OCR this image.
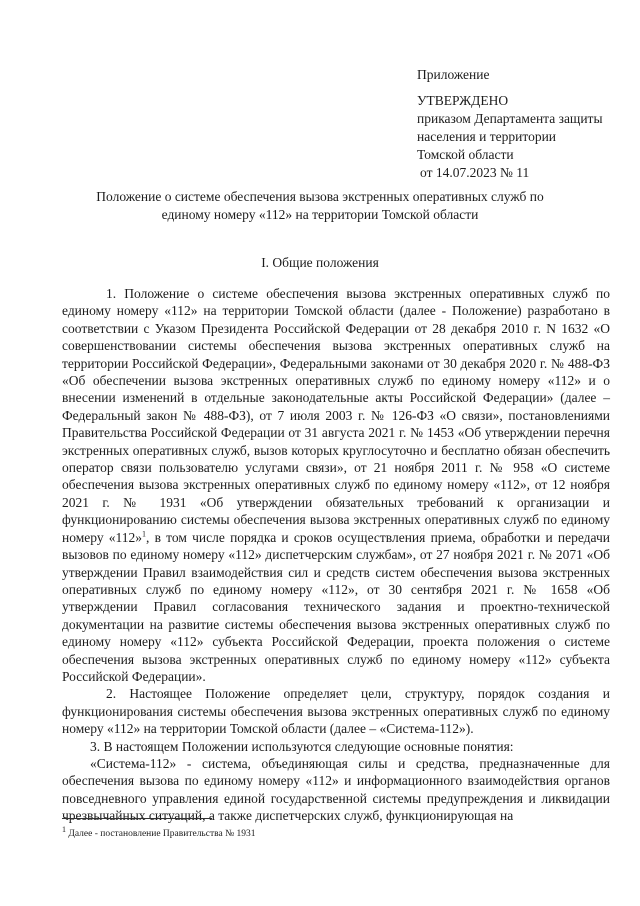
Приложение
УТВЕРЖДЕНО
приказом Департамента защиты
населения и территории
Томской области
от 14.07.2023 № 11
Положение о системе обеспечения вызова экстренных оперативных служб по единому номеру «112» на территории Томской области
I. Общие положения

1. Положение о системе обеспечения вызова экстренных оперативных служб по единому номеру «112» на территории Томской области (далее - Положение) разработано в соответствии с Указом Президента Российской Федерации от 28 декабря 2010 г. N 1632 «О совершенствовании системы обеспечения вызова экстренных оперативных служб на территории Российской Федерации», Федеральными законами от 30 декабря 2020 г. № 488-ФЗ «Об обеспечении вызова экстренных оперативных служб по единому номеру «112» и о внесении изменений в отдельные законодательные акты Российской Федерации» (далее – Федеральный закон № 488-ФЗ), от 7 июля 2003 г. № 126-ФЗ «О связи», постановлениями Правительства Российской Федерации от 31 августа 2021 г. № 1453 «Об утверждении перечня экстренных оперативных служб, вызов которых круглосуточно и бесплатно обязан обеспечить оператор связи пользователю услугами связи», от 21 ноября 2011 г. № 958 «О системе обеспечения вызова экстренных оперативных служб по единому номеру «112», от 12 ноября 2021 г. № 1931 «Об утверждении обязательных требований к организации и функционированию системы обеспечения вызова экстренных оперативных служб по единому номеру «112»$^1$, в том числе порядка и сроков осуществления приема, обработки и передачи вызовов по единому номеру «112» диспетчерским службам», от 27 ноября 2021 г. № 2071 «Об утверждении Правил взаимодействия сил и средств систем обеспечения вызова экстренных оперативных служб по единому номеру «112», от 30 сентября 2021 г. № 1658 «Об утверждении Правил согласования технического задания и проектно-технической документации на развитие системы обеспечения вызова экстренных оперативных служб по единому номеру «112» субъекта Российской Федерации, проекта положения о системе обеспечения вызова экстренных оперативных служб по единому номеру «112» субъекта Российской Федерации».

2. Настоящее Положение определяет цели, структуру, порядок создания и функционирования системы обеспечения вызова экстренных оперативных служб по единому номеру «112» на территории Томской области (далее – «Система-112»).

3. В настоящем Положении используются следующие основные понятия:

«Система-112» - система, объединяющая силы и средства, предназначенные для обеспечения вызова по единому номеру «112» и информационного взаимодействия органов повседневного управления единой государственной системы предупреждения и ликвидации чрезвычайных ситуаций, а также диспетчерских служб, функционирующая на

$^1$ Далее - постановление Правительства № 1931
